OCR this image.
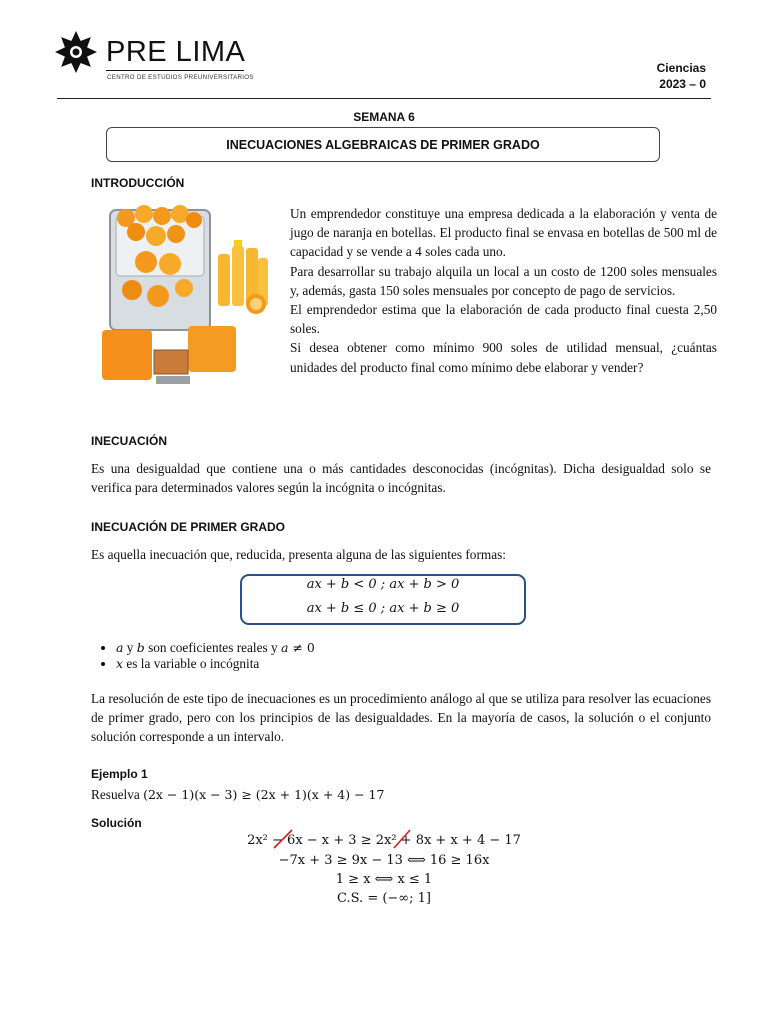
PRE LIMA
CENTRO DE ESTUDIOS PREUNIVERSITARIOS
Ciencias
2023 – 0
SEMANA 6
INECUACIONES ALGEBRAICAS DE PRIMER GRADO
INTRODUCCIÓN
Un emprendedor constituye una empresa dedicada a la elaboración y venta de jugo de naranja en botellas. El producto final se envasa en botellas de 500 ml de capacidad y se vende a 4 soles cada uno.
Para desarrollar su trabajo alquila un local a un costo de 1200 soles mensuales y, además, gasta 150 soles mensuales por concepto de pago de servicios.
El emprendedor estima que la elaboración de cada producto final cuesta 2,50 soles.
Si desea obtener como mínimo 900 soles de utilidad mensual, ¿cuántas unidades del producto final como mínimo debe elaborar y vender?
INECUACIÓN
Es una desigualdad que contiene una o más cantidades desconocidas (incógnitas). Dicha desigualdad solo se verifica para determinados valores según la incógnita o incógnitas.
INECUACIÓN DE PRIMER GRADO
Es aquella inecuación que, reducida, presenta alguna de las siguientes formas:
ax + b < 0 ; ax + b > 0
ax + b ≤ 0 ; ax + b ≥ 0
• a y b son coeficientes reales y a ≠ 0
• x es la variable o incógnita
La resolución de este tipo de inecuaciones es un procedimiento análogo al que se utiliza para resolver las ecuaciones de primer grado, pero con los principios de las desigualdades. En la mayoría de casos, la solución o el conjunto solución corresponde a un intervalo.
Ejemplo 1
Resuelva (2x − 1)(x − 3) ≥ (2x + 1)(x + 4) − 17
Solución
2x² − 6x − x + 3 ≥ 2x² + 8x + x + 4 − 17
−7x + 3 ≥ 9x − 13 ⟺ 16 ≥ 16x
1 ≥ x ⟺ x ≤ 1
C.S. = (−∞; 1]
